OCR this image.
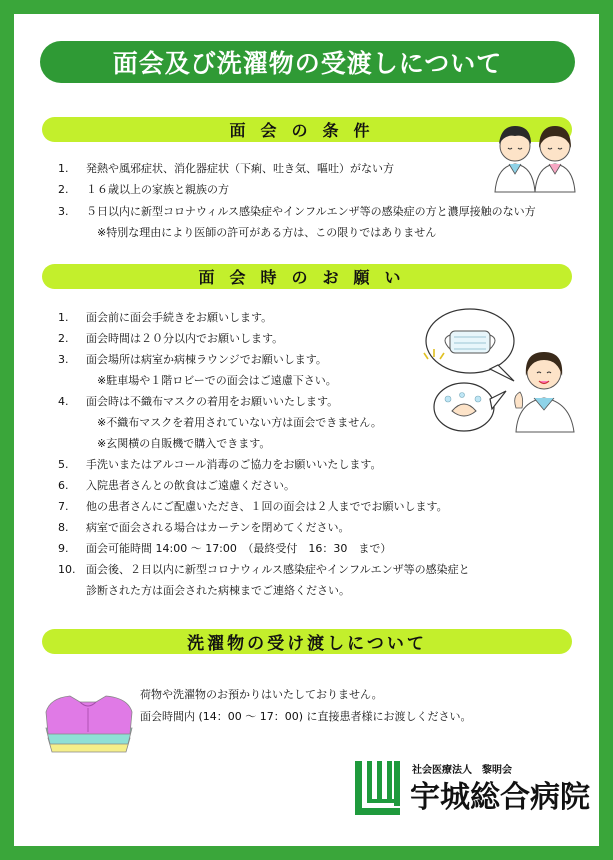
面会及び洗濯物の受渡しについて
面会の条件
1. 発熱や風邪症状、消化器症状（下痢、吐き気、嘔吐）がない方
2. １６歳以上の家族と親族の方
3. ５日以内に新型コロナウィルス感染症やインフルエンザ等の感染症の方と濃厚接触のない方
※特別な理由により医師の許可がある方は、この限りではありません
面会時のお願い
1. 面会前に面会手続きをお願いします。
2. 面会時間は２０分以内でお願いします。
3. 面会場所は病室か病棟ラウンジでお願いします。
※駐車場や１階ロビーでの面会はご遠慮下さい。
4. 面会時は不織布マスクの着用をお願いいたします。
※不織布マスクを着用されていない方は面会できません。
※玄関横の自販機で購入できます。
5. 手洗いまたはアルコール消毒のご協力をお願いいたします。
6. 入院患者さんとの飲食はご遠慮ください。
7. 他の患者さんにご配慮いただき、１回の面会は２人まででお願いします。
8. 病室で面会される場合はカーテンを閉めてください。
9. 面会可能時間 14:00 ～ 17:00　（最終受付　16：30　まで）
10. 面会後、２日以内に新型コロナウィルス感染症やインフルエンザ等の感染症と
診断された方は面会された病棟までご連絡ください。
洗濯物の受け渡しについて
荷物や洗濯物のお預かりはいたしておりません。
面会時間内 (14：00 ～ 17：00) に直接患者様にお渡しください。
社会医療法人　黎明会
宇城総合病院
